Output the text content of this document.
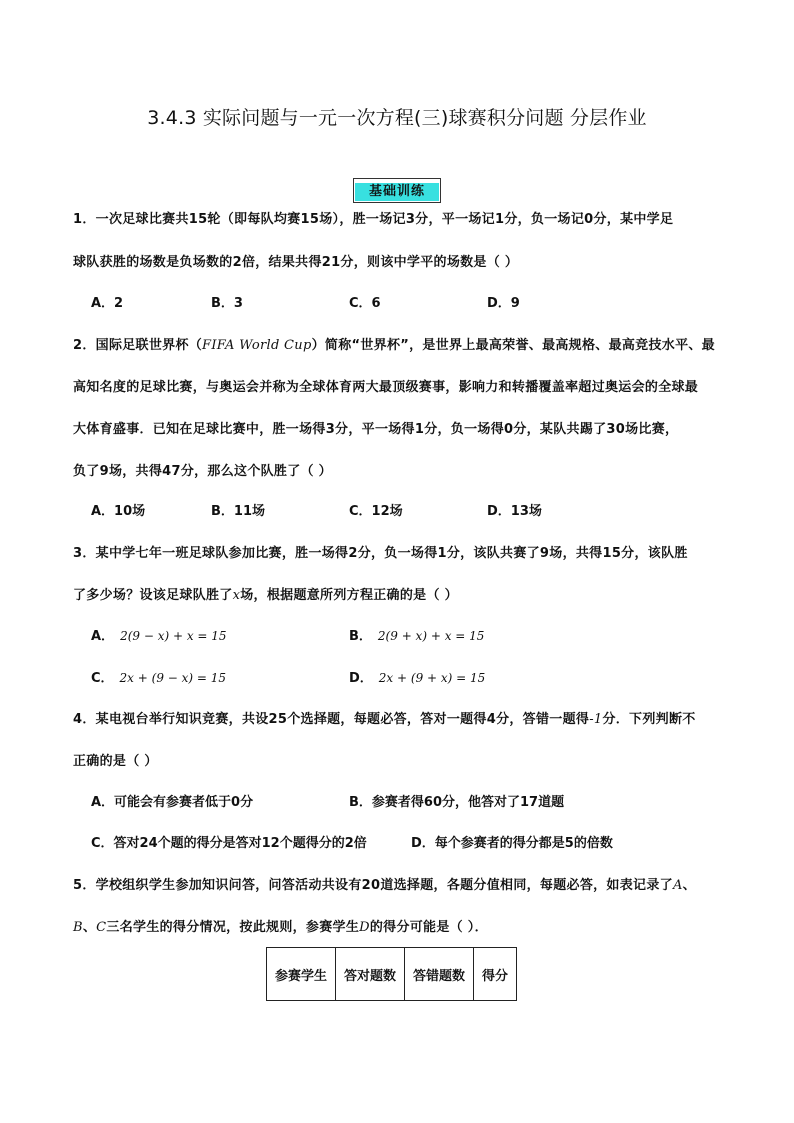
3.4.3 实际问题与一元一次方程(三)球赛积分问题 分层作业
基础训练
1．一次足球比赛共15轮（即每队均赛15场），胜一场记3分，平一场记1分，负一场记0分，某中学足
球队获胜的场数是负场数的2倍，结果共得21分，则该中学平的场数是（ ）
A．2	B．3	C．6	D．9
2．国际足联世界杯（FIFA World Cup）简称“世界杯”，是世界上最高荣誉、最高规格、最高竞技水平、最
高知名度的足球比赛，与奥运会并称为全球体育两大最顶级赛事，影响力和转播覆盖率超过奥运会的全球最
大体育盛事．已知在足球比赛中，胜一场得3分，平一场得1分，负一场得0分，某队共踢了30场比赛，
负了9场，共得47分，那么这个队胜了（ ）
A．10场	B．11场	C．12场	D．13场
3．某中学七年一班足球队参加比赛，胜一场得2分，负一场得1分，该队共赛了9场，共得15分，该队胜
了多少场？设该足球队胜了x场，根据题意所列方程正确的是（ ）
A． 2(9 − x) + x = 15	B． 2(9 + x) + x = 15
C． 2x + (9 − x) = 15	D． 2x + (9 + x) = 15
4．某电视台举行知识竞赛，共设25个选择题，每题必答，答对一题得4分，答错一题得-1分．下列判断不
正确的是（ ）
A．可能会有参赛者低于0分	B．参赛者得60分，他答对了17道题
C．答对24个题的得分是答对12个题得分的2倍	D．每个参赛者的得分都是5的倍数
5．学校组织学生参加知识问答，问答活动共设有20道选择题，各题分值相同，每题必答，如表记录了A、
B、C三名学生的得分情况，按此规则，参赛学生D的得分可能是（ ）．
参赛学生	答对题数	答错题数	得分
